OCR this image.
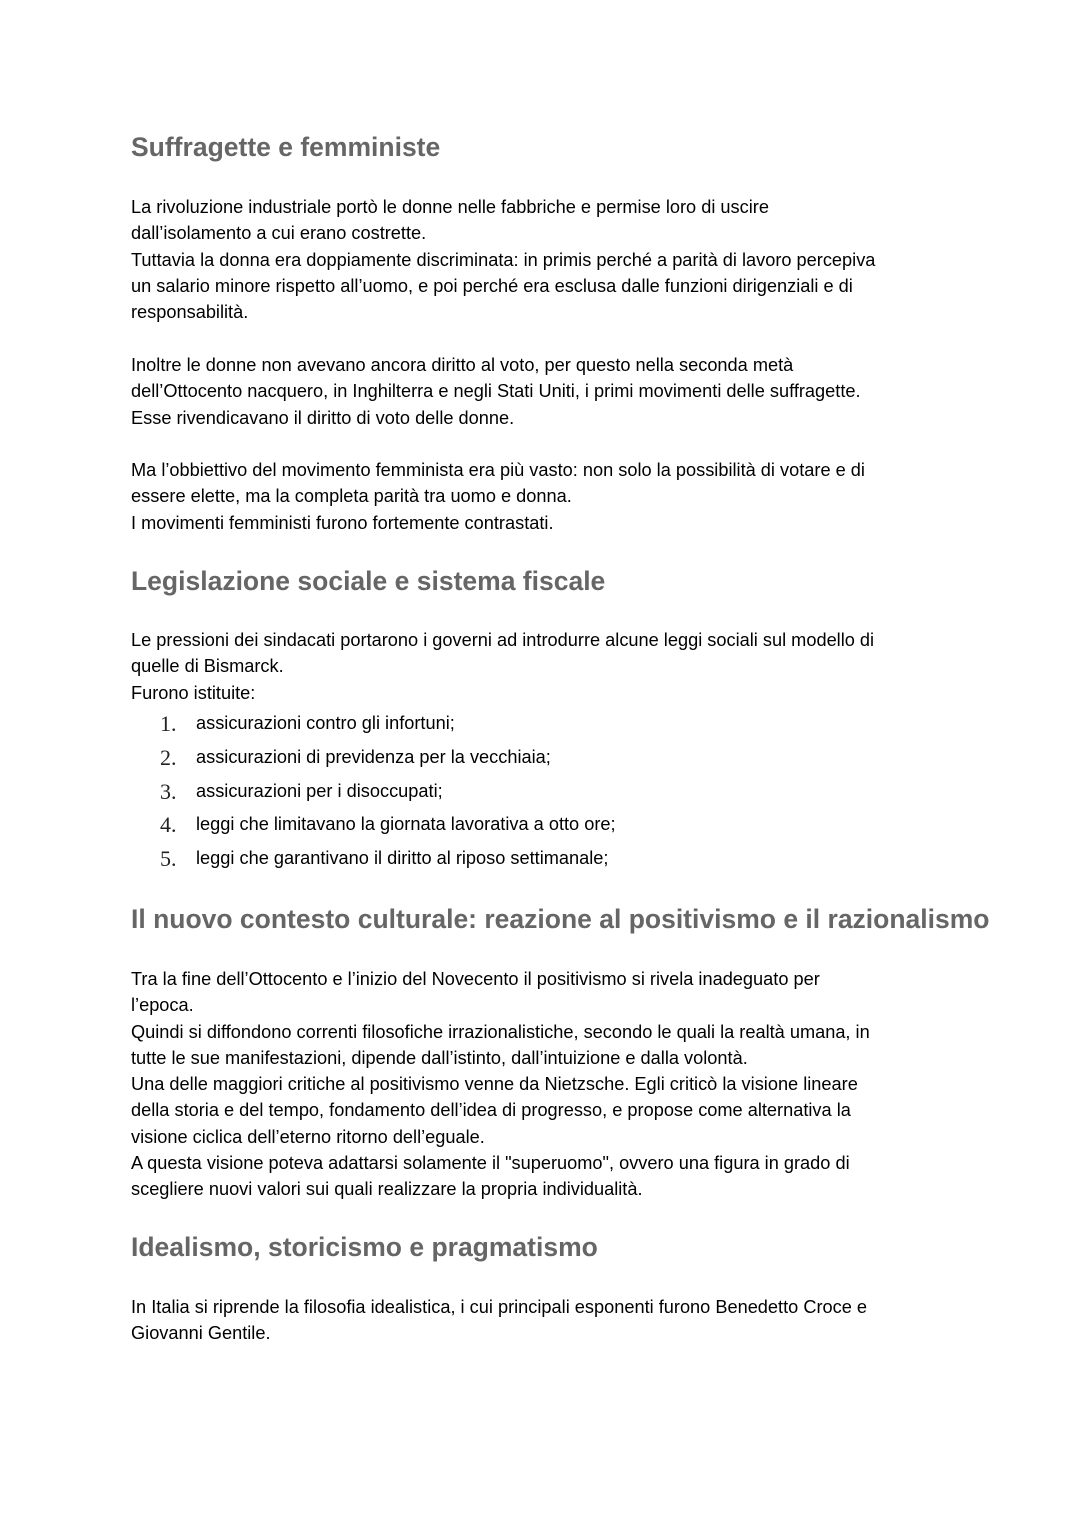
Suffragette e femministe
La rivoluzione industriale portò le donne nelle fabbriche e permise loro di uscire
dall’isolamento a cui erano costrette.
Tuttavia la donna era doppiamente discriminata: in primis perché a parità di lavoro percepiva
un salario minore rispetto all’uomo, e poi perché era esclusa dalle funzioni dirigenziali e di
responsabilità.
Inoltre le donne non avevano ancora diritto al voto, per questo nella seconda metà
dell’Ottocento nacquero, in Inghilterra e negli Stati Uniti, i primi movimenti delle suffragette.
Esse rivendicavano il diritto di voto delle donne.
Ma l’obbiettivo del movimento femminista era più vasto: non solo la possibilità di votare e di
essere elette, ma la completa parità tra uomo e donna.
I movimenti femministi furono fortemente contrastati.
Legislazione sociale e sistema fiscale
Le pressioni dei sindacati portarono i governi ad introdurre alcune leggi sociali sul modello di
quelle di Bismarck.
Furono istituite:
1.	assicurazioni contro gli infortuni;
2.	assicurazioni di previdenza per la vecchiaia;
3.	assicurazioni per i disoccupati;
4.	leggi che limitavano la giornata lavorativa a otto ore;
5.	leggi che garantivano il diritto al riposo settimanale;
Il nuovo contesto culturale: reazione al positivismo e il razionalismo
Tra la fine dell’Ottocento e l’inizio del Novecento il positivismo si rivela inadeguato per
l’epoca.
Quindi si diffondono correnti filosofiche irrazionalistiche, secondo le quali la realtà umana, in
tutte le sue manifestazioni, dipende dall’istinto, dall’intuizione e dalla volontà.
Una delle maggiori critiche al positivismo venne da Nietzsche. Egli criticò la visione lineare
della storia e del tempo, fondamento dell’idea di progresso, e propose come alternativa la
visione ciclica dell’eterno ritorno dell’eguale.
A questa visione poteva adattarsi solamente il "superuomo", ovvero una figura in grado di
scegliere nuovi valori sui quali realizzare la propria individualità.
Idealismo, storicismo e pragmatismo
In Italia si riprende la filosofia idealistica, i cui principali esponenti furono Benedetto Croce e
Giovanni Gentile.
